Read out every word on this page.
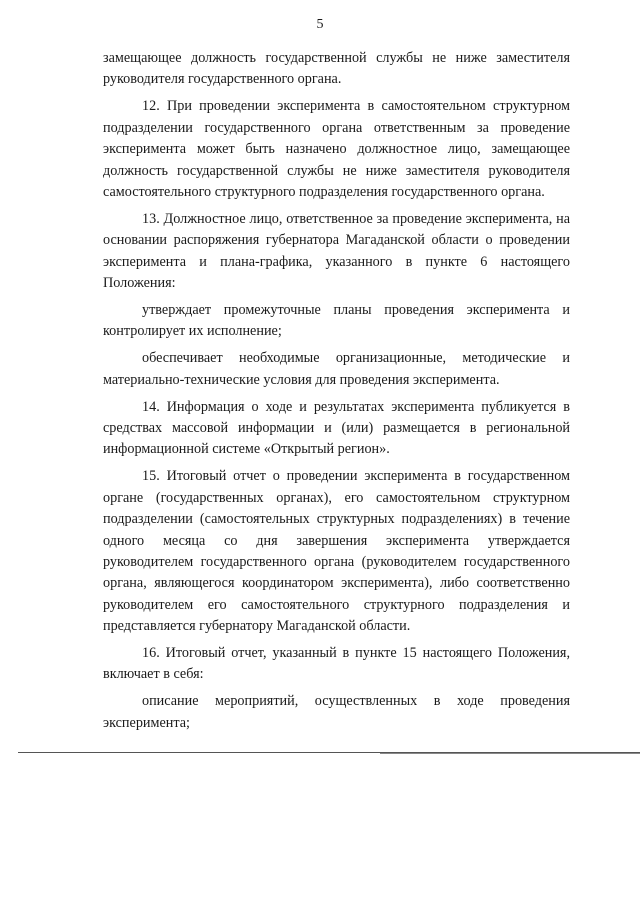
5

замещающее должность государственной службы не ниже заместителя руководителя государственного органа.

12. При проведении эксперимента в самостоятельном структурном подразделении государственного органа ответственным за проведение эксперимента может быть назначено должностное лицо, замещающее должность государственной службы не ниже заместителя руководителя самостоятельного структурного подразделения государственного органа.

13. Должностное лицо, ответственное за проведение эксперимента, на основании распоряжения губернатора Магаданской области о проведении эксперимента и плана-графика, указанного в пункте 6 настоящего Положения:

утверждает промежуточные планы проведения эксперимента и контролирует их исполнение;

обеспечивает необходимые организационные, методические и материально-технические условия для проведения эксперимента.

14. Информация о ходе и результатах эксперимента публикуется в средствах массовой информации и (или) размещается в региональной информационной системе «Открытый регион».

15. Итоговый отчет о проведении эксперимента в государственном органе (государственных органах), его самостоятельном структурном подразделении (самостоятельных структурных подразделениях) в течение одного месяца со дня завершения эксперимента утверждается руководителем государственного органа (руководителем государственного органа, являющегося координатором эксперимента), либо соответственно руководителем его самостоятельного структурного подразделения и представляется губернатору Магаданской области.

16. Итоговый отчет, указанный в пункте 15 настоящего Положения, включает в себя:

описание мероприятий, осуществленных в ходе проведения эксперимента;
